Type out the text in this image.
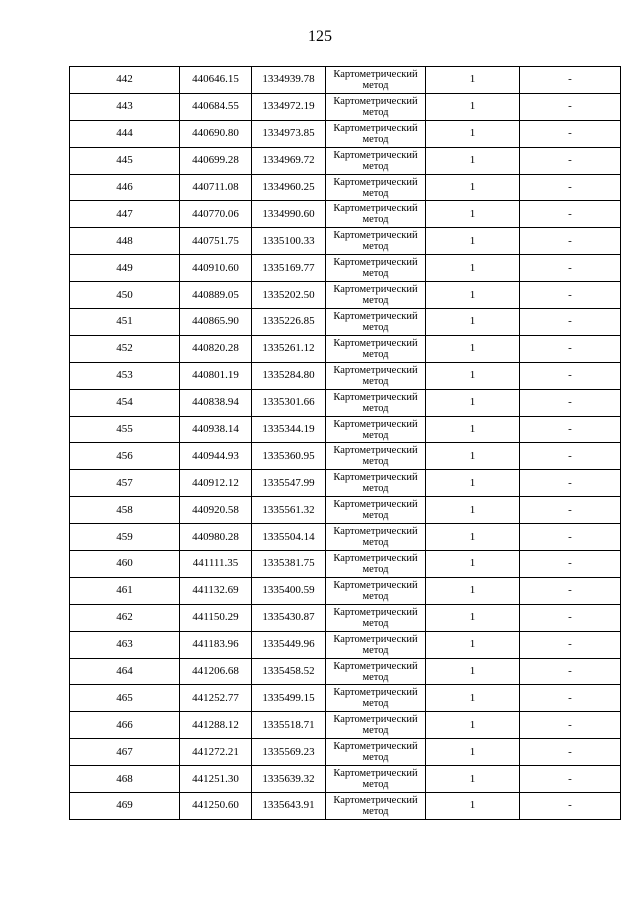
125
442	440646.15	1334939.78	Картометрический метод	1	-
443	440684.55	1334972.19	Картометрический метод	1	-
444	440690.80	1334973.85	Картометрический метод	1	-
445	440699.28	1334969.72	Картометрический метод	1	-
446	440711.08	1334960.25	Картометрический метод	1	-
447	440770.06	1334990.60	Картометрический метод	1	-
448	440751.75	1335100.33	Картометрический метод	1	-
449	440910.60	1335169.77	Картометрический метод	1	-
450	440889.05	1335202.50	Картометрический метод	1	-
451	440865.90	1335226.85	Картометрический метод	1	-
452	440820.28	1335261.12	Картометрический метод	1	-
453	440801.19	1335284.80	Картометрический метод	1	-
454	440838.94	1335301.66	Картометрический метод	1	-
455	440938.14	1335344.19	Картометрический метод	1	-
456	440944.93	1335360.95	Картометрический метод	1	-
457	440912.12	1335547.99	Картометрический метод	1	-
458	440920.58	1335561.32	Картометрический метод	1	-
459	440980.28	1335504.14	Картометрический метод	1	-
460	441111.35	1335381.75	Картометрический метод	1	-
461	441132.69	1335400.59	Картометрический метод	1	-
462	441150.29	1335430.87	Картометрический метод	1	-
463	441183.96	1335449.96	Картометрический метод	1	-
464	441206.68	1335458.52	Картометрический метод	1	-
465	441252.77	1335499.15	Картометрический метод	1	-
466	441288.12	1335518.71	Картометрический метод	1	-
467	441272.21	1335569.23	Картометрический метод	1	-
468	441251.30	1335639.32	Картометрический метод	1	-
469	441250.60	1335643.91	Картометрический метод	1	-
